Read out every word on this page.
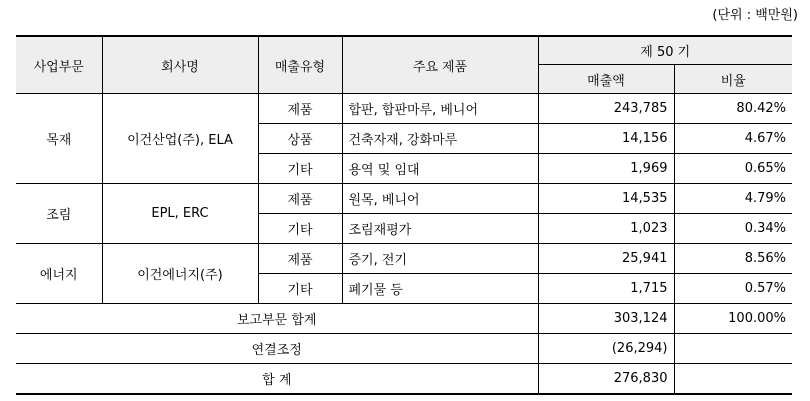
(단위 : 백만원)
사업부문	회사명	매출유형	주요 제품	제 50 기	
				매출액	비율
목재	이건산업(주), ELA	제품	합판, 합판마루, 베니어	243,785	80.42%
		상품	건축자재, 강화마루	14,156	4.67%
		기타	용역 및 임대	1,969	0.65%
조림	EPL, ERC	제품	원목, 베니어	14,535	4.79%
		기타	조림재평가	1,023	0.34%
에너지	이건에너지(주)	제품	증기, 전기	25,941	8.56%
		기타	폐기물 등	1,715	0.57%
보고부문 합계				303,124	100.00%
연결조정				(26,294)	
합 계				276,830	
